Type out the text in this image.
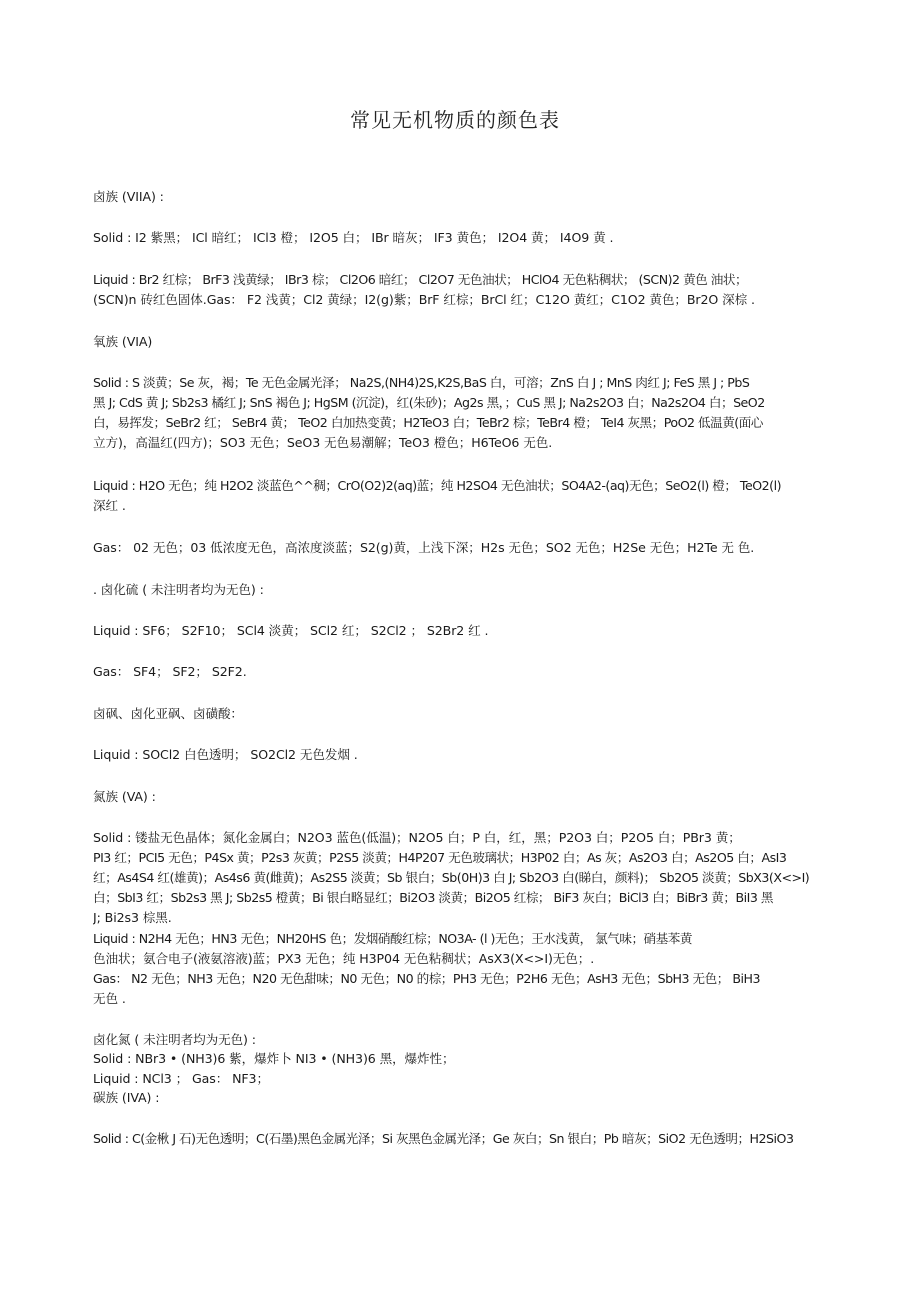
常见无机物质的颜色表
卤族 (VIIA) :
Solid : I2 紫黑； ICl 暗红； ICl3 橙； I2O5 白； IBr 暗灰； IF3 黄色； I2O4 黄； I4O9 黄 .
Liquid : Br2 红棕； BrF3 浅黄绿； IBr3 棕； Cl2O6 暗红； Cl2O7 无色油状； HClO4 无色粘稠状； (SCN)2 黄色 油状；
(SCN)n 砖红色固体.Gas： F2 浅黄；Cl2 黄绿；I2(g)紫；BrF 红棕；BrCl 红；C12O 黄红；C1O2 黄色；Br2O 深棕 .
氧族 (VIA)
Solid : S 淡黄；Se 灰，褐；Te 无色金属光泽； Na2S,(NH4)2S,K2S,BaS 白，可溶；ZnS 白 J ; MnS 肉红 J; FeS 黑 J ; PbS
黑 J; CdS 黄 J; Sb2s3 橘红 J; SnS 褐色 J; HgSM (沉淀)，红(朱砂)；Ag2s 黑，；CuS 黑 J; Na2s2O3 白；Na2s2O4 白；SeO2
白，易挥发；SeBr2 红； SeBr4 黄； TeO2 白加热变黄；H2TeO3 白；TeBr2 棕；TeBr4 橙； TeI4 灰黑；PoO2 低温黄(面心
立方)，高温红(四方)；SO3 无色；SeO3 无色易潮解；TeO3 橙色；H6TeO6 无色.
Liquid : H2O 无色；纯 H2O2 淡蓝色^^稠；CrO(O2)2(aq)蓝；纯 H2SO4 无色油状；SO4A2-(aq)无色；SeO2(l) 橙； TeO2(l)
深红 .
Gas： 02 无色；03 低浓度无色，高浓度淡蓝；S2(g)黄，上浅下深；H2s 无色；SO2 无色；H2Se 无色；H2Te 无 色.
. 卤化硫 ( 未注明者均为无色) :
Liquid : SF6； S2F10； SCl4 淡黄； SCl2 红； S2Cl2 ； S2Br2 红 .
Gas： SF4； SF2； S2F2.
卤砜、卤化亚砜、卤磺酸：
Liquid : SOCl2 白色透明； SO2Cl2 无色发烟 .
氮族 (VA) :
Solid : 镂盐无色晶体；氮化金属白；N2O3 蓝色(低温)；N2O5 白；P 白，红，黑；P2O3 白；P2O5 白；PBr3 黄；
PI3 红；PCI5 无色；P4Sx 黄；P2s3 灰黄；P2S5 淡黄；H4P207 无色玻璃状；H3P02 白；As 灰；As2O3 白；As2O5 白；AsI3
红；As4S4 红(雄黄)；As4s6 黄(雌黄)；As2S5 淡黄；Sb 银白；Sb(0H)3 白 J; Sb2O3 白(睇白，颜料)； Sb2O5 淡黄；SbX3(X<>I)
白；SbI3 红；Sb2s3 黑 J; Sb2s5 橙黄；Bi 银白略显红；Bi2O3 淡黄；Bi2O5 红棕； BiF3 灰白；BiCl3 白；BiBr3 黄；BiI3 黑
J; Bi2s3 棕黑.
Liquid : N2H4 无色；HN3 无色；NH20HS 色；发烟硝酸红棕；NO3A- (l )无色；王水浅黄， 氯气味；硝基苯黄
色油状；氨合电子(液氨溶液)蓝；PX3 无色；纯 H3P04 无色粘稠状；AsX3(X<>I)无色；.
Gas： N2 无色；NH3 无色；N20 无色甜味；N0 无色；N0 的棕；PH3 无色；P2H6 无色；AsH3 无色；SbH3 无色； BiH3
无色 .
卤化氮 ( 未注明者均为无色) :
Solid : NBr3 • (NH3)6 紫，爆炸卜 NI3 • (NH3)6 黑，爆炸性；
Liquid : NCl3 ； Gas： NF3；
碳族 (IVA) :
Solid : C(金楸 J 石)无色透明；C(石墨)黑色金属光泽；Si 灰黑色金属光泽；Ge 灰白；Sn 银白；Pb 暗灰；SiO2 无色透明；H2SiO3
